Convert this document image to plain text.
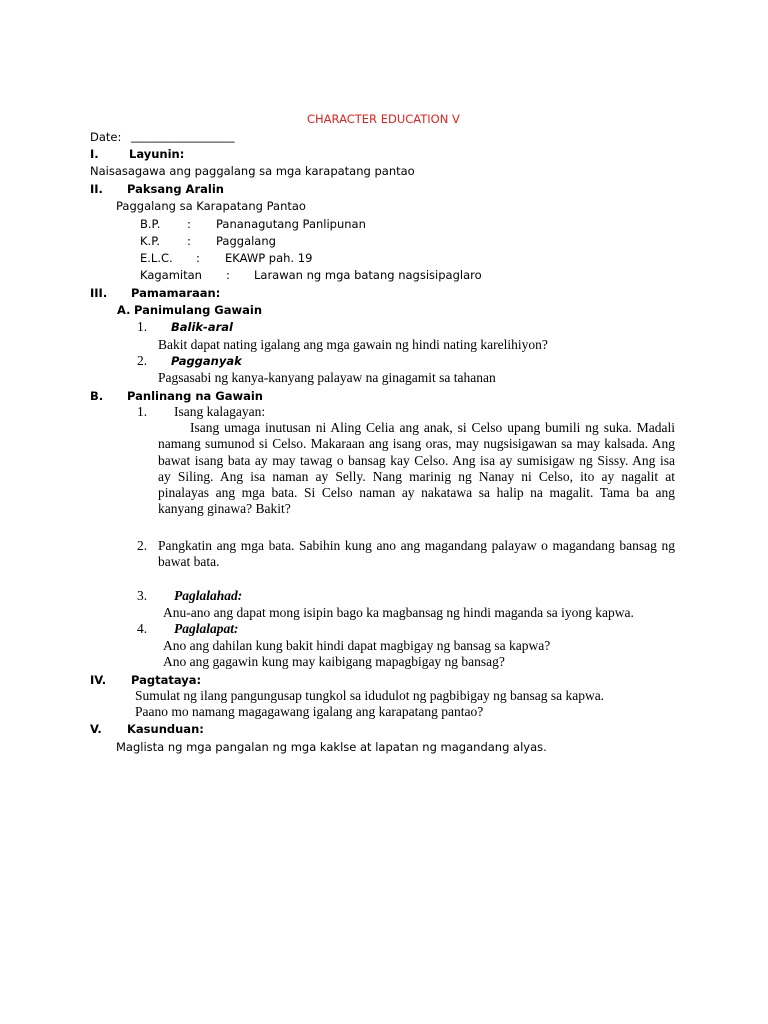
CHARACTER EDUCATION V
Date: __________________
I.	Layunin:
Naisasagawa ang paggalang sa mga karapatang pantao
II. Paksang Aralin
Paggalang sa Karapatang Pantao
B.P. : Pananagutang Panlipunan
K.P. : Paggalang
E.L.C. : EKAWP pah. 19
Kagamitan : Larawan ng mga batang nagsisipaglaro
III. Pamamaraan:
A. Panimulang Gawain
1. Balik-aral
Bakit dapat nating igalang ang mga gawain ng hindi nating karelihiyon?
2. Pagganyak
Pagsasabi ng kanya-kanyang palayaw na ginagamit sa tahanan
B. Panlinang na Gawain
1. Isang kalagayan:
Isang umaga inutusan ni Aling Celia ang anak, si Celso upang bumili ng suka. Madali
namang sumunod si Celso. Makaraan ang isang oras, may nugsisigawan sa may kalsada. Ang
bawat isang bata ay may tawag o bansag kay Celso. Ang isa ay sumisigaw ng Sissy. Ang isa
ay Siling. Ang isa naman ay Selly. Nang marinig ng Nanay ni Celso, ito ay nagalit at
pinalayas ang mga bata. Si Celso naman ay nakatawa sa halip na magalit. Tama ba ang
kanyang ginawa? Bakit?
2. Pangkatin ang mga bata. Sabihin kung ano ang magandang palayaw o magandang bansag ng
bawat bata.
3. Paglalahad:
Anu-ano ang dapat mong isipin bago ka magbansag ng hindi maganda sa iyong kapwa.
4. Paglalapat:
Ano ang dahilan kung bakit hindi dapat magbigay ng bansag sa kapwa?
Ano ang gagawin kung may kaibigang mapagbigay ng bansag?
IV. Pagtataya:
Sumulat ng ilang pangungusap tungkol sa idudulot ng pagbibigay ng bansag sa kapwa.
Paano mo namang magagawang igalang ang karapatang pantao?
V. Kasunduan:
Maglista ng mga pangalan ng mga kaklse at lapatan ng magandang alyas.
